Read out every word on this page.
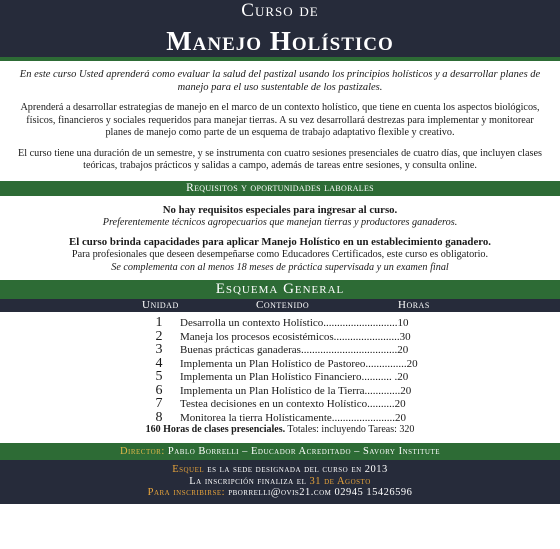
Curso de
Manejo Holístico

En este curso Usted aprenderá como evaluar la salud del pastizal usando los principios holísticos y a desarrollar planes de manejo para el uso sustentable de los pastizales.

Aprenderá a desarrollar estrategias de manejo en el marco de un contexto holístico, que tiene en cuenta los aspectos biológicos, físicos, financieros y sociales requeridos para manejar tierras. A su vez desarrollará destrezas para implementar y monitorear planes de manejo como parte de un esquema de trabajo adaptativo flexible y creativo.

El curso tiene una duración de un semestre, y se instrumenta con cuatro sesiones presenciales de cuatro días, que incluyen clases teóricas, trabajos prácticos y salidas a campo, además de tareas entre sesiones, y consulta online.

Requisitos y oportunidades laborales

No hay requisitos especiales para ingresar al curso.
Preferentemente técnicos agropecuarios que manejan tierras y productores ganaderos.

El curso brinda capacidades para aplicar Manejo Holístico en un establecimiento ganadero.
Para profesionales que deseen desempeñarse como Educadores Certificados, este curso es obligatorio.
Se complementa con al menos 18 meses de práctica supervisada y un examen final

Esquema General
Unidad	Contenido	Horas
1	Desarrolla un contexto Holístico...........................10
2	Maneja los procesos ecosistémicos........................30
3	Buenas prácticas ganaderas...................................20
4	Implementa un Plan Holístico de Pastoreo...............20
5	Implementa un Plan Holístico Financiero........... .20
6	Implementa un Plan Holístico de la Tierra.............20
7	Testea decisiones en un contexto Holístico..........20
8	Monitorea la tierra Holísticamente.......................20
160 Horas de clases presenciales. Totales: incluyendo Tareas: 320
Director: Pablo Borrelli – Educador Acreditado – Savory Institute
Esquel es la sede designada del curso en 2013
La inscripción finaliza el 31 de Agosto
Para inscribirse: pborrelli@ovis21.com 02945 15426596
